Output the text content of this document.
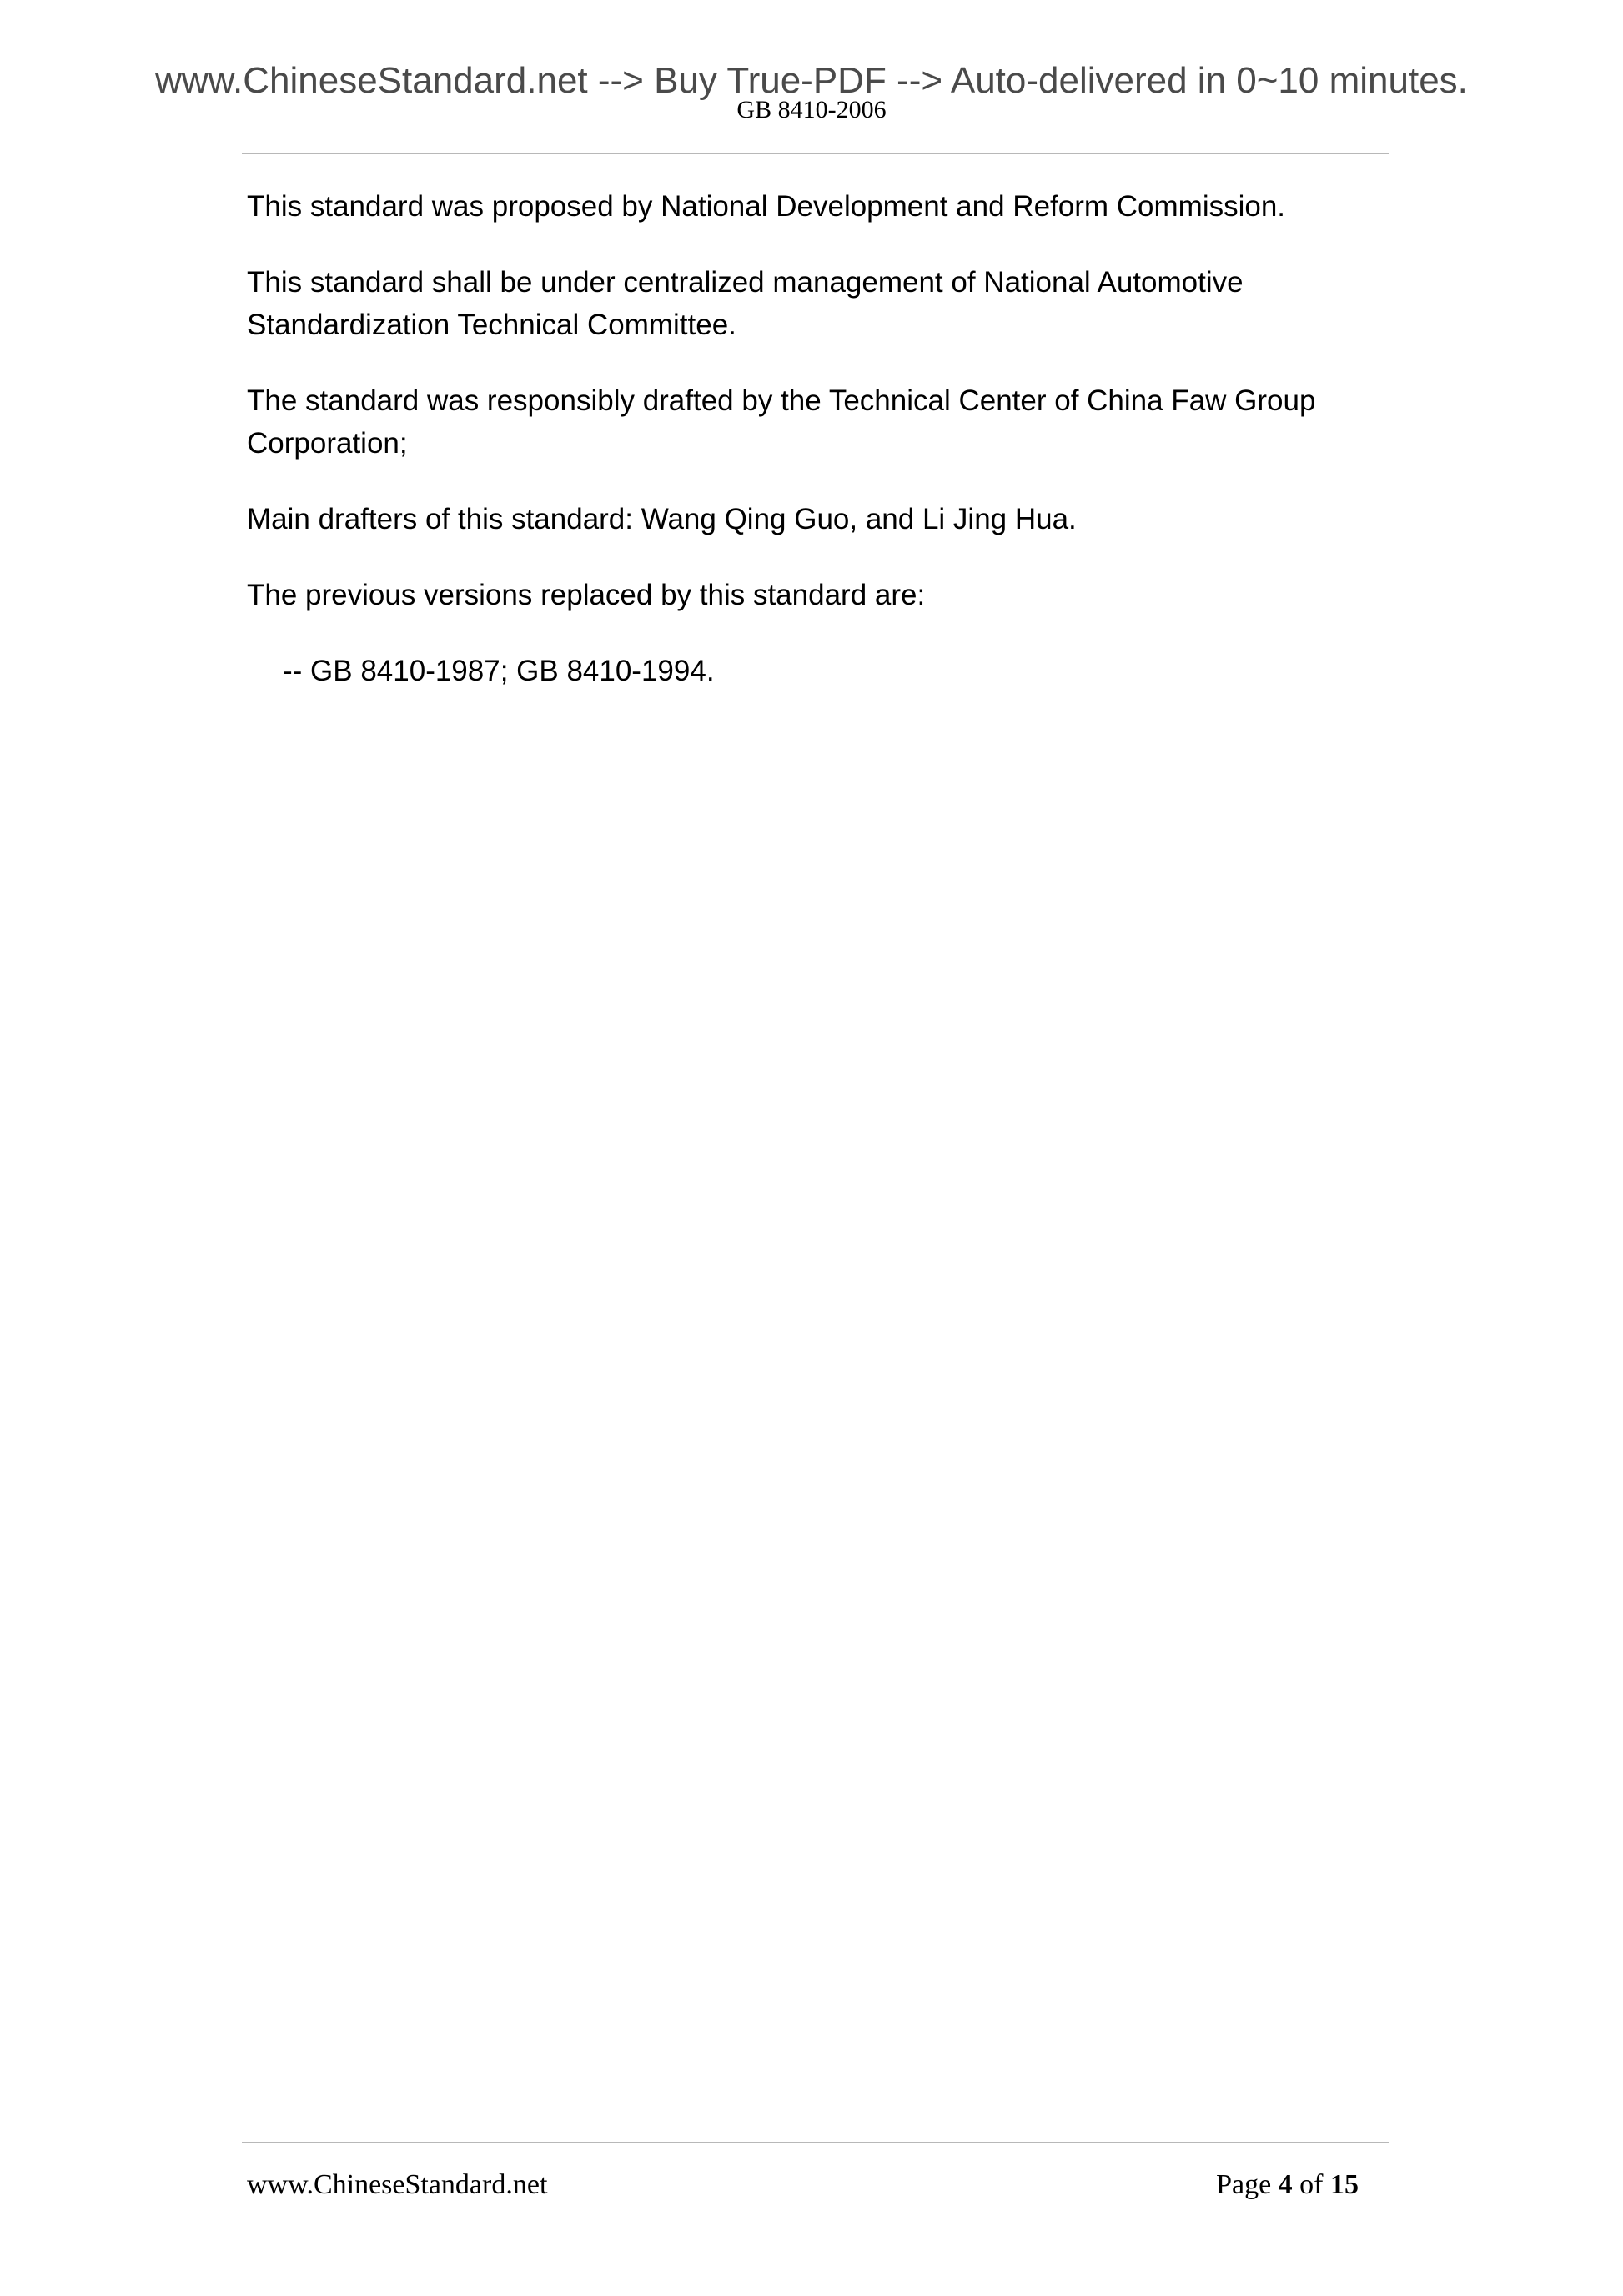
www.ChineseStandard.net --> Buy True-PDF --> Auto-delivered in 0~10 minutes.
GB 8410-2006

This standard was proposed by National Development and Reform Commission.

This standard shall be under centralized management of National Automotive Standardization Technical Committee.

The standard was responsibly drafted by the Technical Center of China Faw Group Corporation;

Main drafters of this standard: Wang Qing Guo, and Li Jing Hua.

The previous versions replaced by this standard are:

-- GB 8410-1987; GB 8410-1994.

www.ChineseStandard.net	Page 4 of 15
